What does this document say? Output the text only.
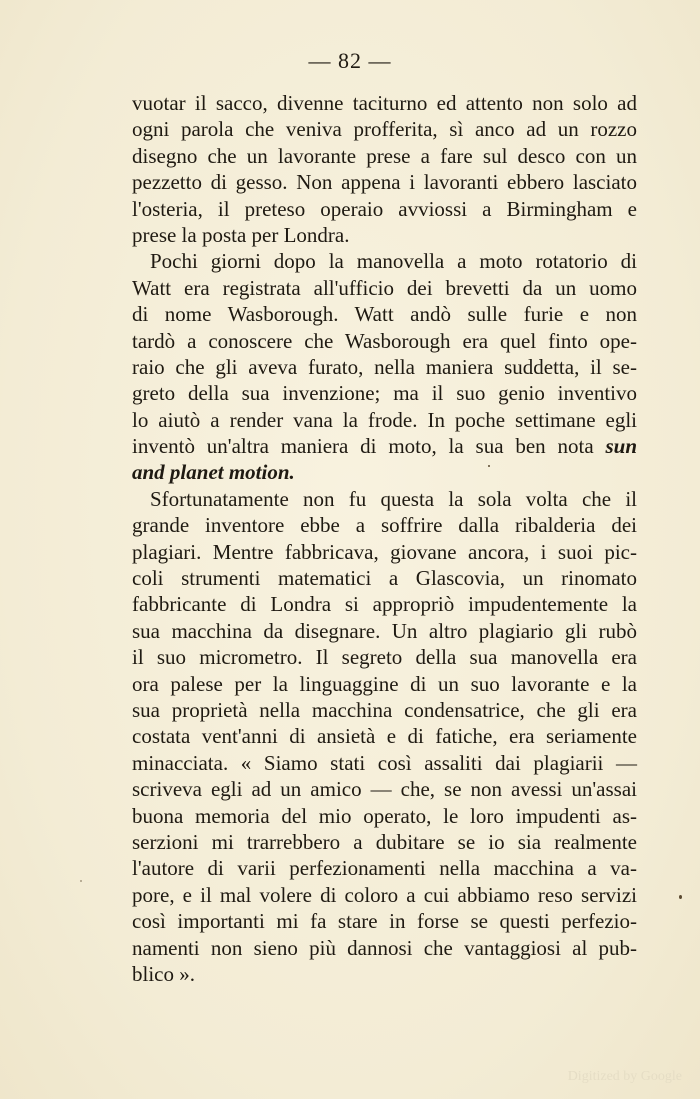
— 82 —
vuotar il sacco, divenne taciturno ed attento non solo ad
ogni parola che veniva profferita, sì anco ad un rozzo
disegno che un lavorante prese a fare sul desco con un
pezzetto di gesso. Non appena i lavoranti ebbero lasciato
l'osteria, il preteso operaio avviossi a Birmingham e
prese la posta per Londra.
Pochi giorni dopo la manovella a moto rotatorio di
Watt era registrata all'ufficio dei brevetti da un uomo
di nome Wasborough. Watt andò sulle furie e non
tardò a conoscere che Wasborough era quel finto ope-
raio che gli aveva furato, nella maniera suddetta, il se-
greto della sua invenzione; ma il suo genio inventivo
lo aiutò a render vana la frode. In poche settimane egli
inventò un'altra maniera di moto, la sua ben nota sun
and planet motion.
Sfortunatamente non fu questa la sola volta che il
grande inventore ebbe a soffrire dalla ribalderia dei
plagiari. Mentre fabbricava, giovane ancora, i suoi pic-
coli strumenti matematici a Glascovia, un rinomato
fabbricante di Londra si appropriò impudentemente la
sua macchina da disegnare. Un altro plagiario gli rubò
il suo micrometro. Il segreto della sua manovella era
ora palese per la linguaggine di un suo lavorante e la
sua proprietà nella macchina condensatrice, che gli era
costata vent'anni di ansietà e di fatiche, era seriamente
minacciata. « Siamo stati così assaliti dai plagiarii —
scriveva egli ad un amico — che, se non avessi un'assai
buona memoria del mio operato, le loro impudenti as-
serzioni mi trarrebbero a dubitare se io sia realmente
l'autore di varii perfezionamenti nella macchina a va-
pore, e il mal volere di coloro a cui abbiamo reso servizi
così importanti mi fa stare in forse se questi perfezio-
namenti non sieno più dannosi che vantaggiosi al pub-
blico ».
Digitized by Google
